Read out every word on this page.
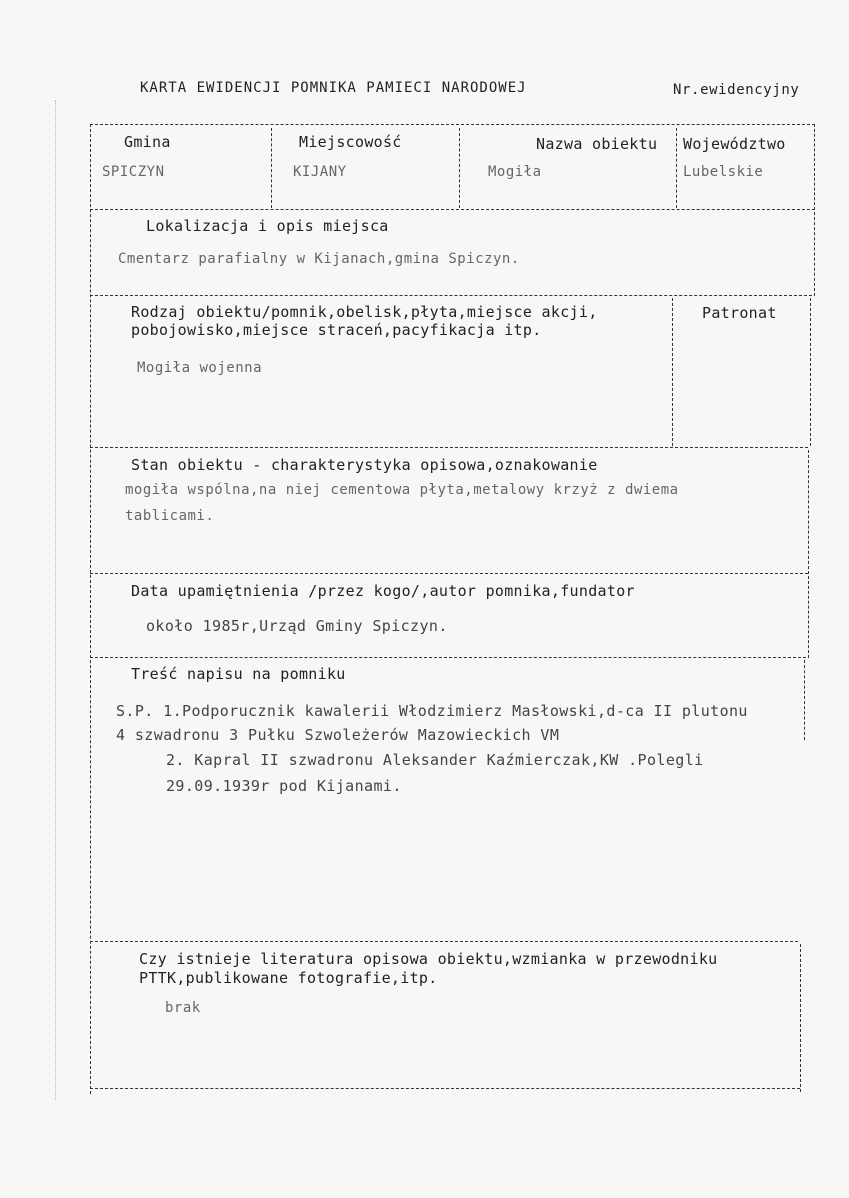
KARTA EWIDENCJI POMNIKA PAMIECI NARODOWEJ	Nr.ewidencyjny
Gmina
SPICZYN
Miejscowość
KIJANY
Nazwa obiektu
Mogiła
Województwo
Lubelskie
Lokalizacja i opis miejsca
Cmentarz parafialny w Kijanach,gmina Spiczyn.
Rodzaj obiektu/pomnik,obelisk,płyta,miejsce akcji,
pobojowisko,miejsce straceń,pacyfikacja itp.
Mogiła wojenna
Patronat
Stan obiektu - charakterystyka opisowa,oznakowanie
mogiła wspólna,na niej cementowa płyta,metalowy krzyż z dwiema
tablicami.
Data upamiętnienia /przez kogo/,autor pomnika,fundator
około 1985r,Urząd Gminy Spiczyn.
Treść napisu na pomniku
S.P. 1.Podporucznik kawalerii Włodzimierz Masłowski,d-ca II plutonu
4 szwadronu 3 Pułku Szwoleżerów Mazowieckich VM
2. Kapral II szwadronu Aleksander Kaźmierczak,KW .Polegli
29.09.1939r pod Kijanami.
Czy istnieje literatura opisowa obiektu,wzmianka w przewodniku
PTTK,publikowane fotografie,itp.
brak
